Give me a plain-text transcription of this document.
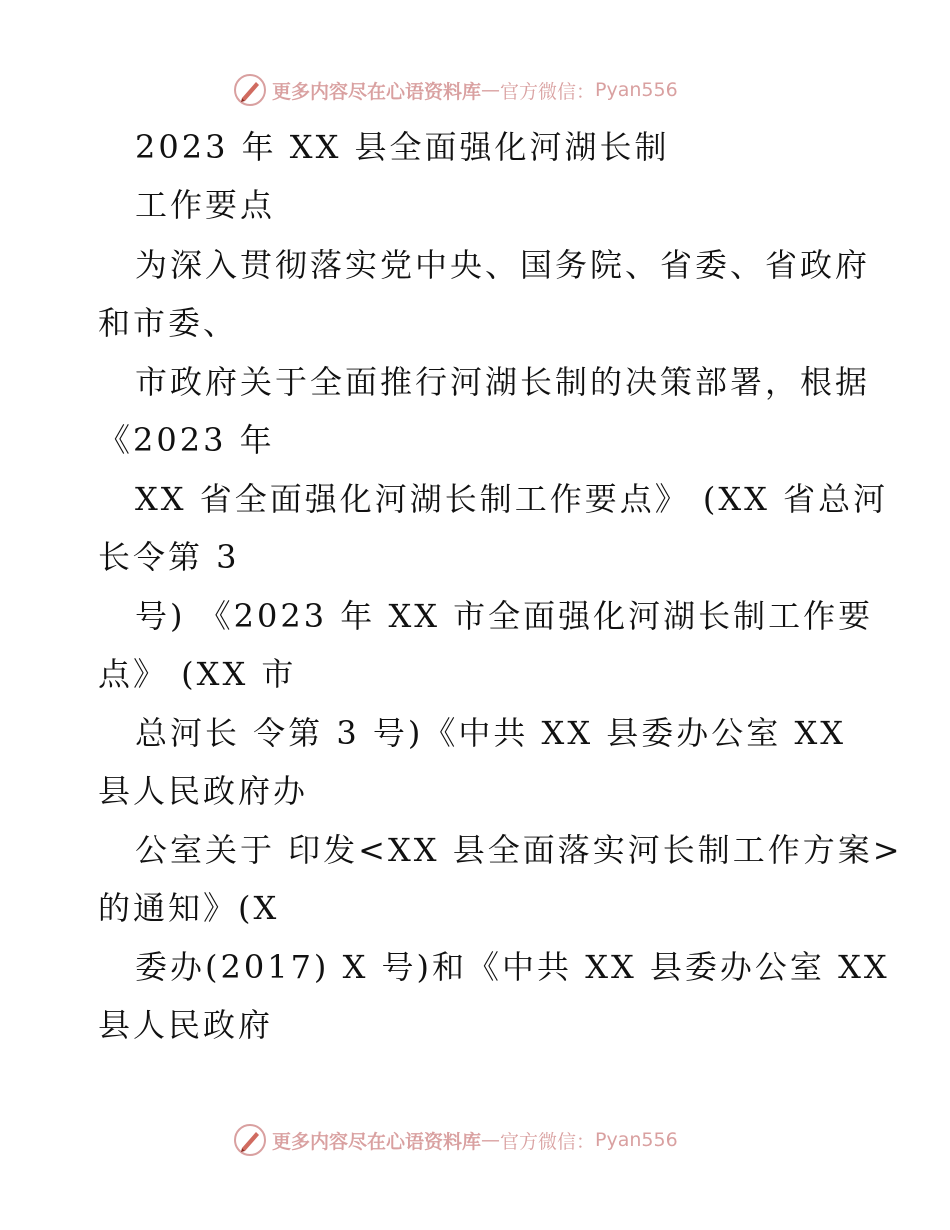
更多内容尽在心语资料库 — 官方微信： Pyan556
2023 年 XX 县全面强化河湖长制
工作要点
为深入贯彻落实党中央、国务院、省委、省政府
和市委、
市政府关于全面推行河湖长制的决策部署，根据
《2023 年
XX 省全面强化河湖长制工作要点》 (XX 省总河
长令第 3
号) 《2023 年 XX 市全面强化河湖长制工作要
点》 (XX 市
总河长 令第 3 号)《中共 XX 县委办公室 XX
县人民政府办
公室关于 印发<XX 县全面落实河长制工作方案>
的通知》(X
委办(2017) X 号)和《中共 XX 县委办公室 XX
县人民政府
更多内容尽在心语资料库 — 官方微信： Pyan556
